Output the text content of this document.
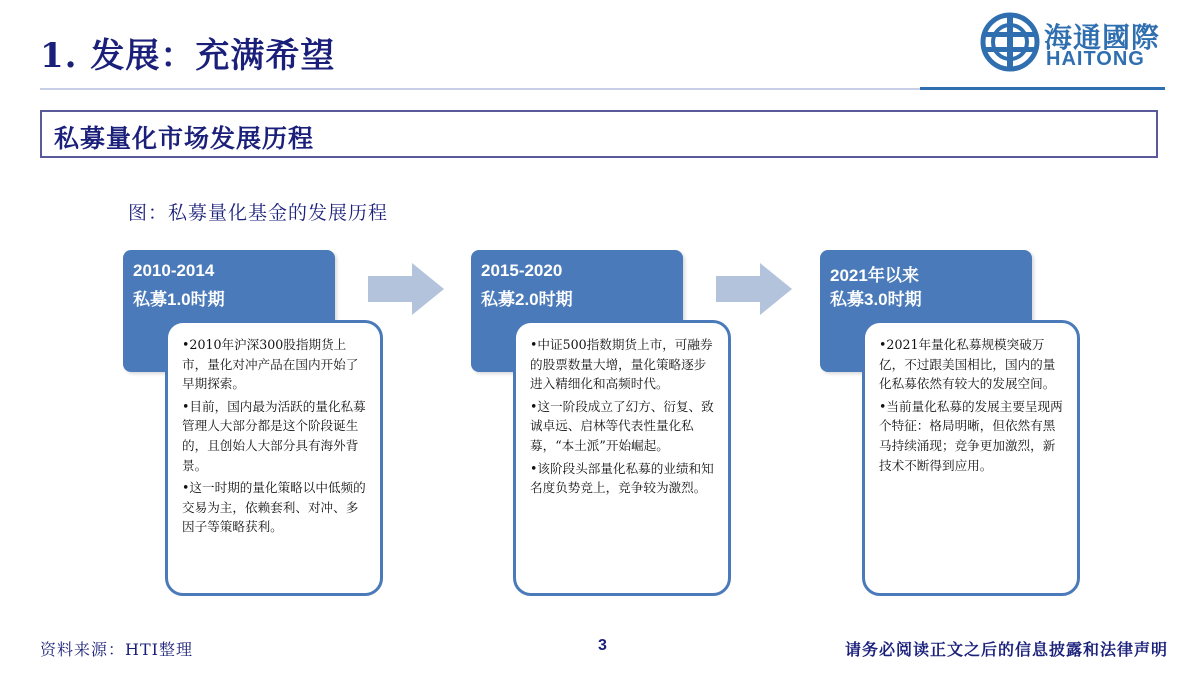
1. 发展：充满希望	海通國際
HAITONG
私募量化市场发展历程
图：私募量化基金的发展历程
2010-2014
私募1.0时期

•2010年沪深300股指期货上市，量化对冲产品在国内开始了早期探索。

•目前，国内最为活跃的量化私募管理人大部分都是这个阶段诞生的，且创始人大部分具有海外背景。

•这一时期的量化策略以中低频的交易为主，依赖套利、对冲、多因子等策略获利。

2015-2020
私募2.0时期

•中证500指数期货上市，可融券的股票数量大增，量化策略逐步进入精细化和高频时代。

•这一阶段成立了幻方、衍复、致诚卓远、启林等代表性量化私募，“本土派”开始崛起。

•该阶段头部量化私募的业绩和知名度负势竞上，竞争较为激烈。

2021年以来
私募3.0时期

•2021年量化私募规模突破万亿，不过跟美国相比，国内的量化私募依然有较大的发展空间。

•当前量化私募的发展主要呈现两个特征：格局明晰，但依然有黑马持续涌现；竞争更加激烈，新技术不断得到应用。

资料来源：HTI整理	3	请务必阅读正文之后的信息披露和法律声明
